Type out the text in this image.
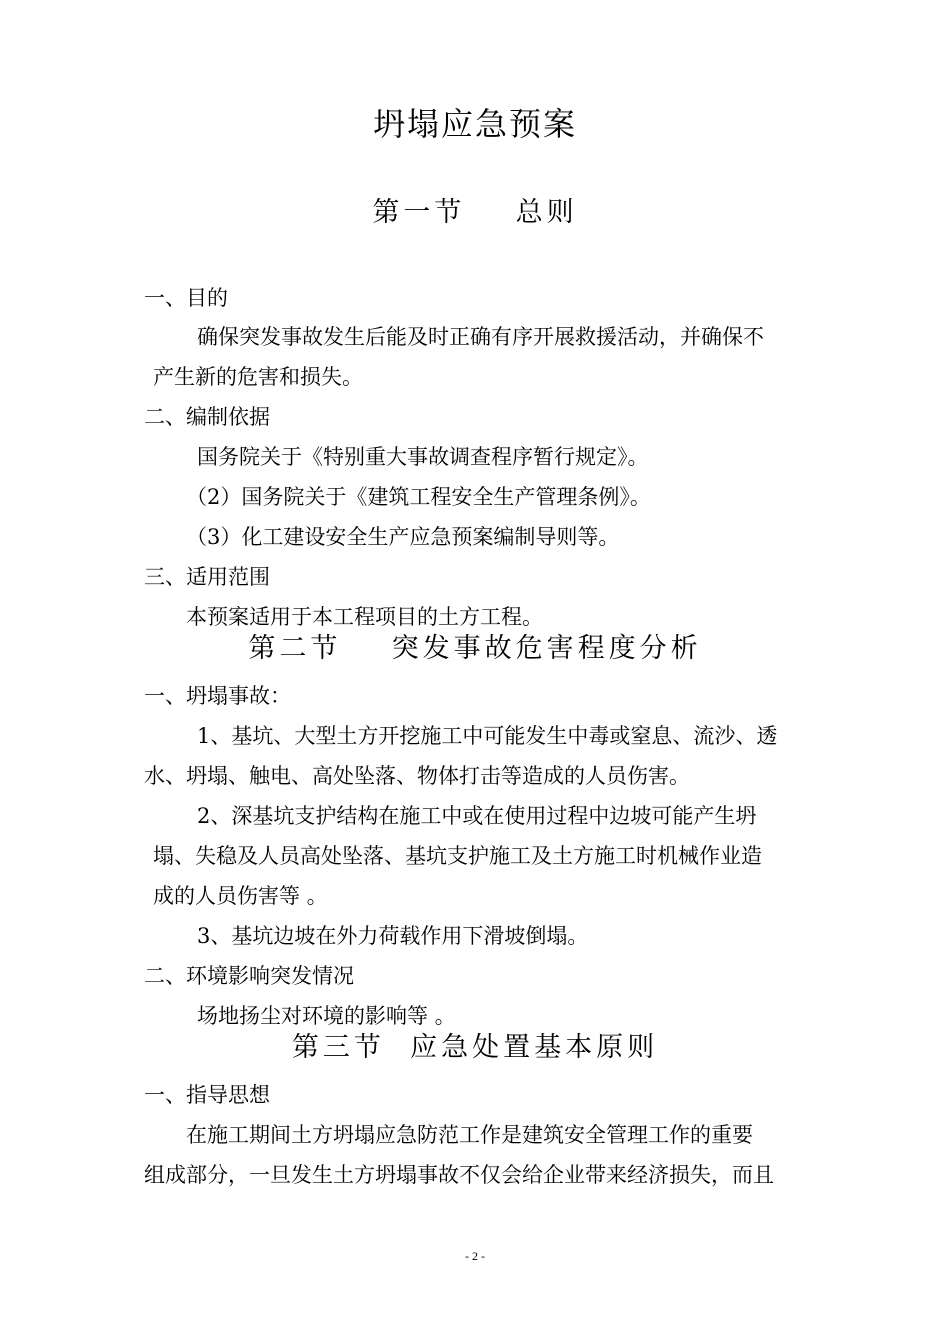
坍塌应急预案
第一节    总则
一、目的
确保突发事故发生后能及时正确有序开展救援活动，并确保不
产生新的危害和损失。
二、编制依据
国务院关于《特别重大事故调查程序暂行规定》。
（2）国务院关于《建筑工程安全生产管理条例》。
（3）化工建设安全生产应急预案编制导则等。
三、适用范围
本预案适用于本工程项目的土方工程。
第二节    突发事故危害程度分析
一、坍塌事故：
1、基坑、大型土方开挖施工中可能发生中毒或窒息、流沙、透
水、坍塌、触电、高处坠落、物体打击等造成的人员伤害。
2、深基坑支护结构在施工中或在使用过程中边坡可能产生坍
塌、失稳及人员高处坠落、基坑支护施工及土方施工时机械作业造
成的人员伤害等 。
3、基坑边坡在外力荷载作用下滑坡倒塌。
二、环境影响突发情况
场地扬尘对环境的影响等 。
第三节  应急处置基本原则
一、指导思想
在施工期间土方坍塌应急防范工作是建筑安全管理工作的重要
组成部分，一旦发生土方坍塌事故不仅会给企业带来经济损失，而且
- 2 -
